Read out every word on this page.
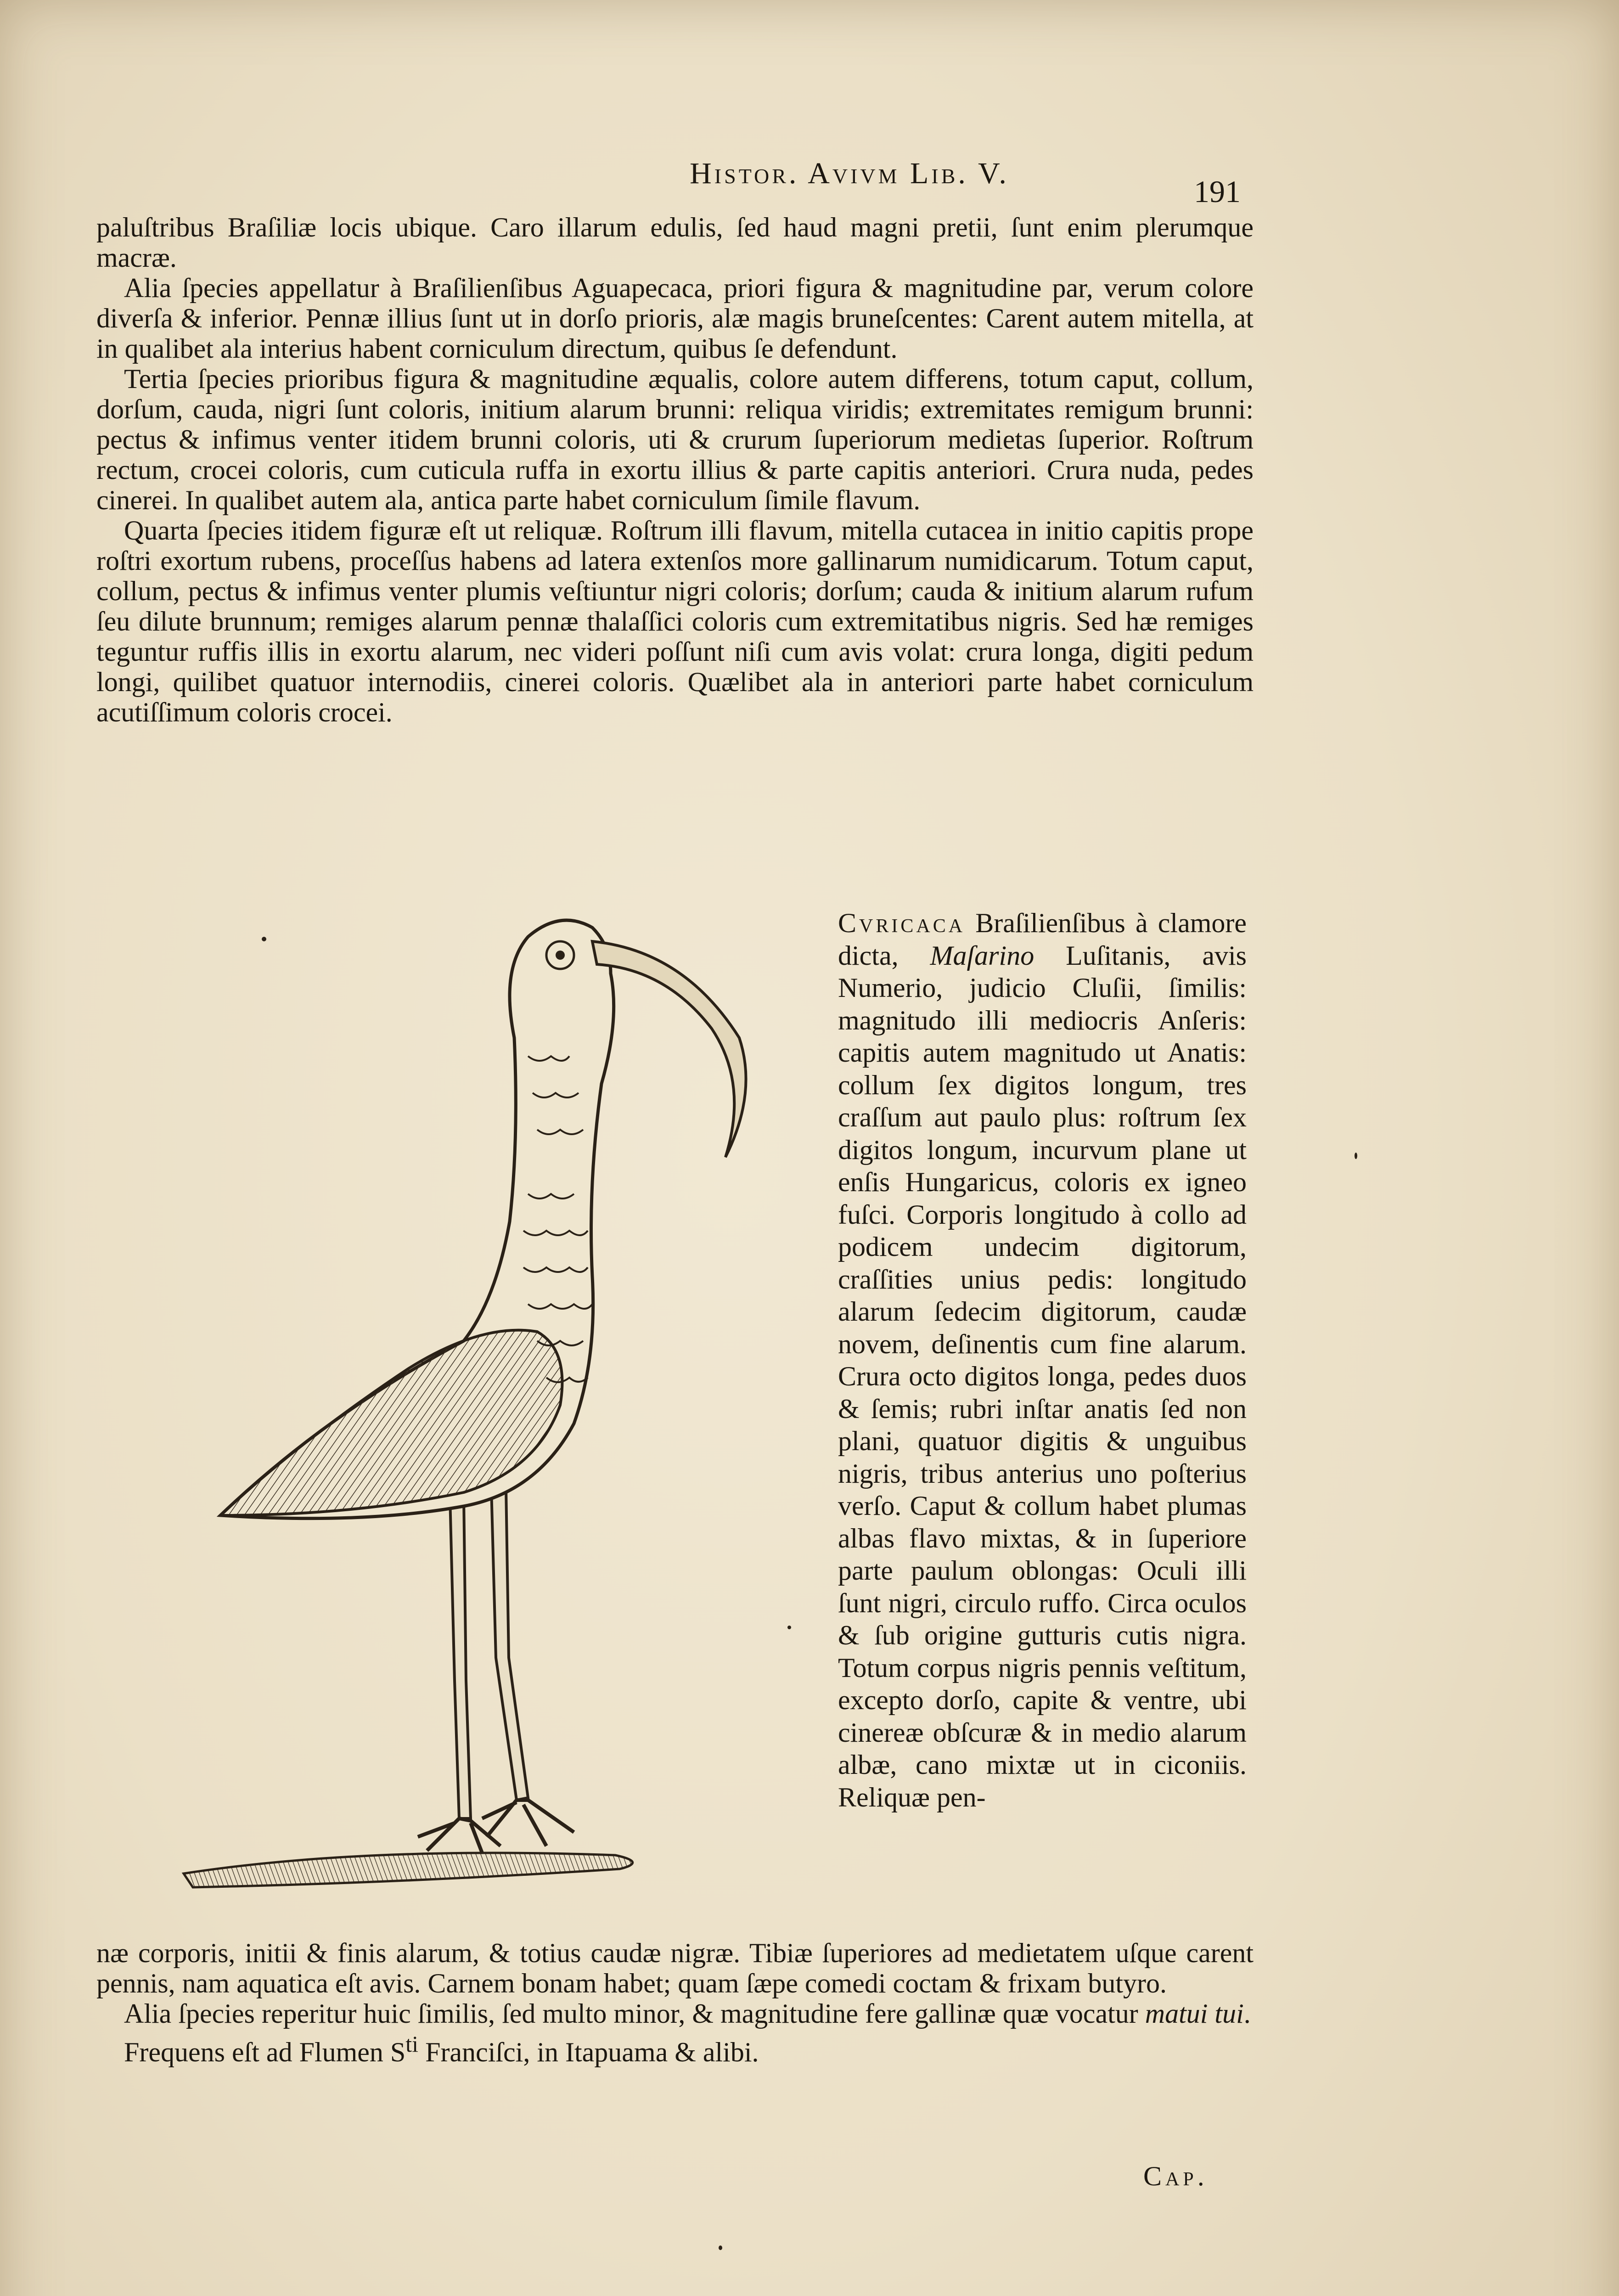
Histor. Avivm Lib. V.
191

paluſtribus Braſiliæ locis ubique. Caro illarum edulis, ſed haud magni pretii, ſunt enim plerumque macræ.

Alia ſpecies appellatur à Braſilienſibus Aguapecaca, priori figura & magnitudine par, verum colore diverſa & inferior. Pennæ illius ſunt ut in dorſo prioris, alæ magis bruneſcentes: Carent autem mitella, at in qualibet ala interius habent corniculum directum, quibus ſe defendunt.

Tertia ſpecies prioribus figura & magnitudine æqualis, colore autem differens, totum caput, collum, dorſum, cauda, nigri ſunt coloris, initium alarum brunni: reliqua viridis; extremitates remigum brunni: pectus & infimus venter itidem brunni coloris, uti & crurum ſuperiorum medietas ſuperior. Roſtrum rectum, crocei coloris, cum cuticula ruffa in exortu illius & parte capitis anteriori. Crura nuda, pedes cinerei. In qualibet autem ala, antica parte habet corniculum ſimile flavum.

Quarta ſpecies itidem figuræ eſt ut reliquæ. Roſtrum illi flavum, mitella cutacea in initio capitis prope roſtri exortum rubens, proceſſus habens ad latera extenſos more gallinarum numidicarum. Totum caput, collum, pectus & infimus venter plumis veſtiuntur nigri coloris; dorſum; cauda & initium alarum rufum ſeu dilute brunnum; remiges alarum pennæ thalaſſici coloris cum extremitatibus nigris. Sed hæ remiges teguntur ruffis illis in exortu alarum, nec videri poſſunt niſi cum avis volat: crura longa, digiti pedum longi, quilibet quatuor internodiis, cinerei coloris. Quælibet ala in anteriori parte habet corniculum acutiſſimum coloris crocei.

Cvricaca Braſilienſibus à clamore dicta, Maſarino Luſitanis, avis Numerio, judicio Cluſii, ſimilis: magnitudo illi mediocris Anſeris: capitis autem magnitudo ut Anatis: collum ſex digitos longum, tres craſſum aut paulo plus: roſtrum ſex digitos longum, incurvum plane ut enſis Hungaricus, coloris ex igneo fuſci. Corporis longitudo à collo ad podicem undecim digitorum, craſſities unius pedis: longitudo alarum ſedecim digitorum, caudæ novem, deſinentis cum fine alarum. Crura octo digitos longa, pedes duos & ſemis; rubri inſtar anatis ſed non plani, quatuor digitis & unguibus nigris, tribus anterius uno poſterius verſo. Caput & collum habet plumas albas flavo mixtas, & in ſuperiore parte paulum oblongas: Oculi illi ſunt nigri, circulo ruffo. Circa oculos & ſub origine gutturis cutis nigra. Totum corpus nigris pennis veſtitum, excepto dorſo, capite & ventre, ubi cinereæ obſcuræ & in medio alarum albæ, cano mixtæ ut in ciconiis. Reliquæ pen-

næ corporis, initii & finis alarum, & totius caudæ nigræ. Tibiæ ſuperiores ad medietatem uſque carent pennis, nam aquatica eſt avis. Carnem bonam habet; quam ſæpe comedi coctam & frixam butyro.

Alia ſpecies reperitur huic ſimilis, ſed multo minor, & magnitudine fere gallinæ quæ vocatur matui tui.

Frequens eſt ad Flumen $S^{ti}$ Franciſci, in Itapuama & alibi.

Cap.
